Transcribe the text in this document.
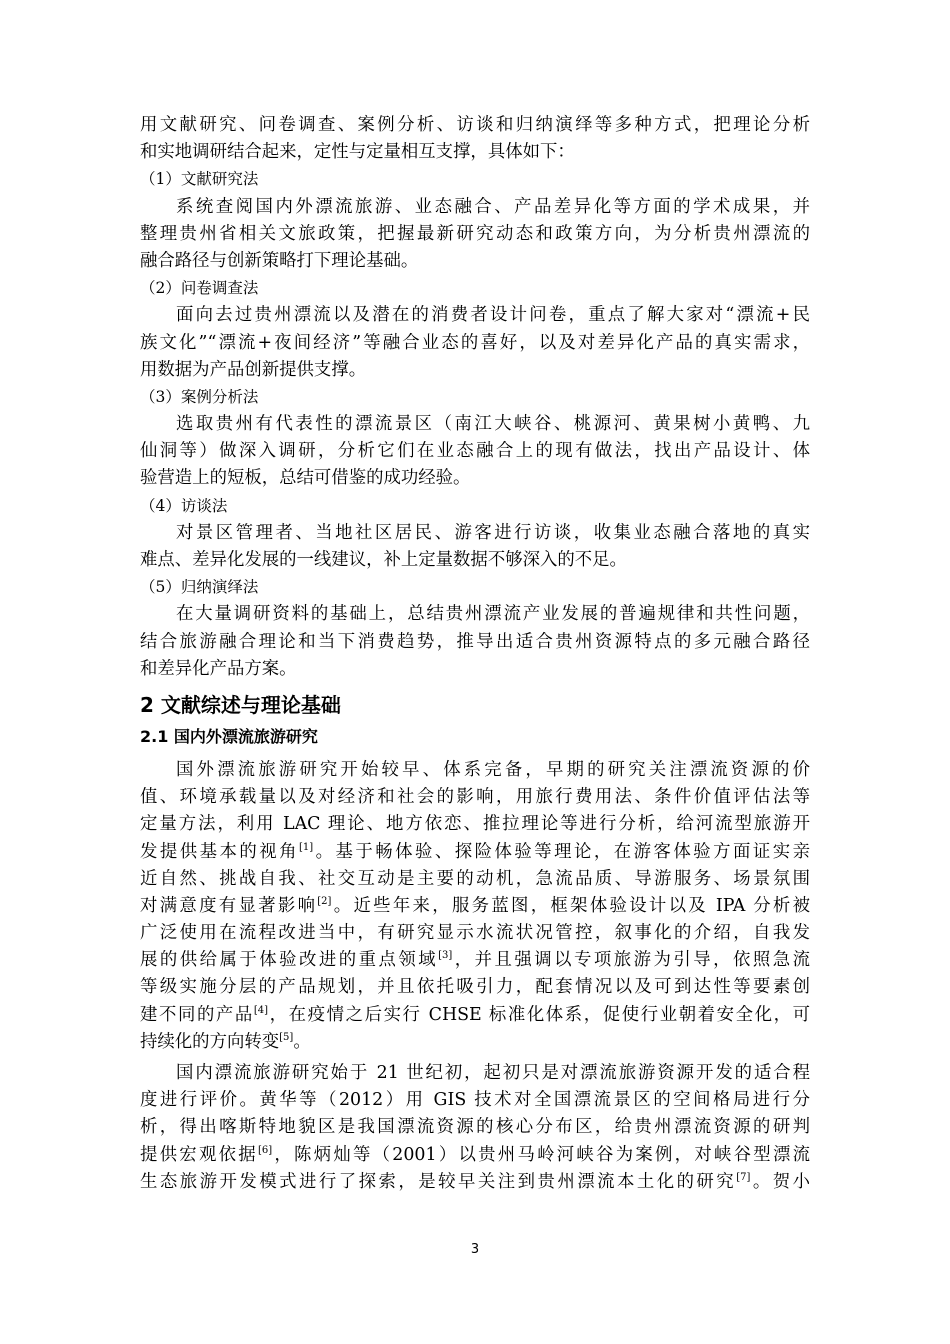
用文献研究、问卷调查、案例分析、访谈和归纳演绎等多种方式，把理论分析
和实地调研结合起来，定性与定量相互支撑，具体如下：
（1）文献研究法
系统查阅国内外漂流旅游、业态融合、产品差异化等方面的学术成果，并
整理贵州省相关文旅政策，把握最新研究动态和政策方向，为分析贵州漂流的
融合路径与创新策略打下理论基础。
（2）问卷调查法
面向去过贵州漂流以及潜在的消费者设计问卷，重点了解大家对“漂流+民
族文化”“漂流+夜间经济”等融合业态的喜好，以及对差异化产品的真实需求，
用数据为产品创新提供支撑。
（3）案例分析法
选取贵州有代表性的漂流景区（南江大峡谷、桃源河、黄果树小黄鸭、九
仙洞等）做深入调研，分析它们在业态融合上的现有做法，找出产品设计、体
验营造上的短板，总结可借鉴的成功经验。
（4）访谈法
对景区管理者、当地社区居民、游客进行访谈，收集业态融合落地的真实
难点、差异化发展的一线建议，补上定量数据不够深入的不足。
（5）归纳演绎法
在大量调研资料的基础上，总结贵州漂流产业发展的普遍规律和共性问题，
结合旅游融合理论和当下消费趋势，推导出适合贵州资源特点的多元融合路径
和差异化产品方案。
2 文献综述与理论基础
2.1 国内外漂流旅游研究
国外漂流旅游研究开始较早、体系完备，早期的研究关注漂流资源的价
值、环境承载量以及对经济和社会的影响，用旅行费用法、条件价值评估法等
定量方法，利用 LAC 理论、地方依恋、推拉理论等进行分析，给河流型旅游开
发提供基本的视角[1]。基于畅体验、探险体验等理论，在游客体验方面证实亲
近自然、挑战自我、社交互动是主要的动机，急流品质、导游服务、场景氛围
对满意度有显著影响[2]。近些年来，服务蓝图，框架体验设计以及 IPA 分析被
广泛使用在流程改进当中，有研究显示水流状况管控，叙事化的介绍，自我发
展的供给属于体验改进的重点领域[3]，并且强调以专项旅游为引导，依照急流
等级实施分层的产品规划，并且依托吸引力，配套情况以及可到达性等要素创
建不同的产品[4]，在疫情之后实行 CHSE 标准化体系，促使行业朝着安全化，可
持续化的方向转变[5]。
国内漂流旅游研究始于 21 世纪初，起初只是对漂流旅游资源开发的适合程
度进行评价。黄华等（2012）用 GIS 技术对全国漂流景区的空间格局进行分
析，得出喀斯特地貌区是我国漂流资源的核心分布区，给贵州漂流资源的研判
提供宏观依据[6]，陈炳灿等（2001）以贵州马岭河峡谷为案例，对峡谷型漂流
生态旅游开发模式进行了探索，是较早关注到贵州漂流本土化的研究[7]。贺小
3
